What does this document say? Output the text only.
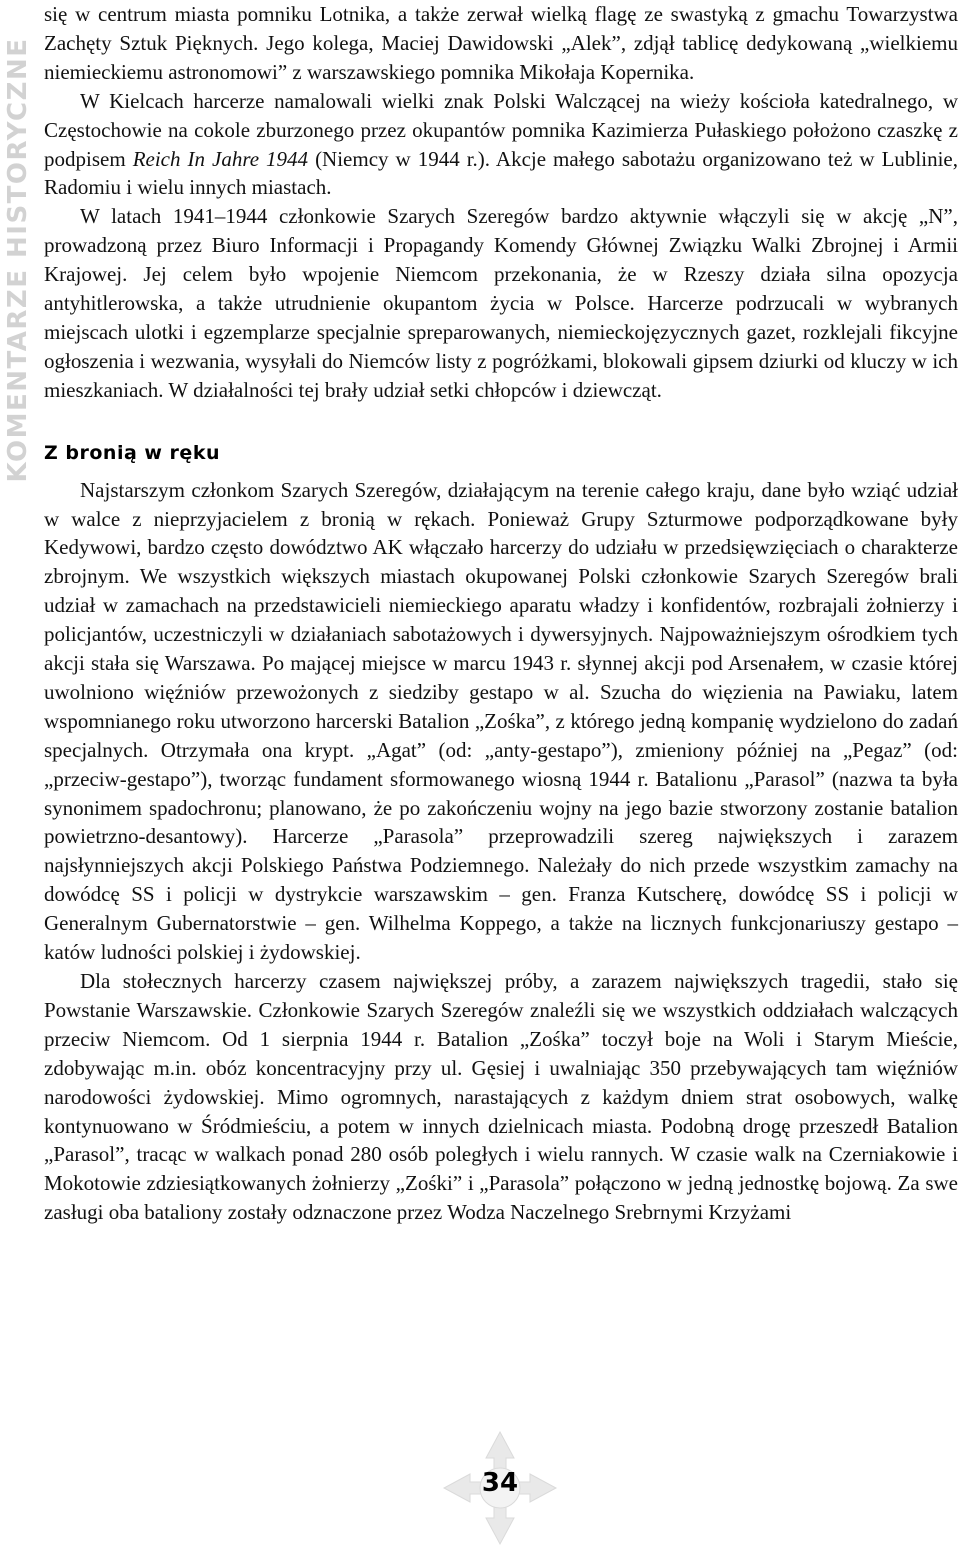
KOMENTARZE HISTORYCZNE

się w centrum miasta pomniku Lotnika, a także zerwał wielką flagę ze swastyką z gmachu Towarzystwa Zachęty Sztuk Pięknych. Jego kolega, Maciej Dawidowski „Alek”, zdjął tablicę dedykowaną „wielkiemu niemieckiemu astronomowi” z warszawskiego pomnika Mikołaja Kopernika.

W Kielcach harcerze namalowali wielki znak Polski Walczącej na wieży kościoła katedralnego, w Częstochowie na cokole zburzonego przez okupantów pomnika Kazimierza Pułaskiego położono czaszkę z podpisem Reich In Jahre 1944 (Niemcy w 1944 r.). Akcje małego sabotażu organizowano też w Lublinie, Radomiu i wielu innych miastach.

W latach 1941–1944 członkowie Szarych Szeregów bardzo aktywnie włączyli się w akcję „N”, prowadzoną przez Biuro Informacji i Propagandy Komendy Głównej Związku Walki Zbrojnej i Armii Krajowej. Jej celem było wpojenie Niemcom przekonania, że w Rzeszy działa silna opozycja antyhitlerowska, a także utrudnienie okupantom życia w Polsce. Harcerze podrzucali w wybranych miejscach ulotki i egzemplarze specjalnie spreparowanych, niemieckojęzycznych gazet, rozklejali fikcyjne ogłoszenia i wezwania, wysyłali do Niemców listy z pogróżkami, blokowali gipsem dziurki od kluczy w ich mieszkaniach. W działalności tej brały udział setki chłopców i dziewcząt.

Z bronią w ręku

Najstarszym członkom Szarych Szeregów, działającym na terenie całego kraju, dane było wziąć udział w walce z nieprzyjacielem z bronią w rękach. Ponieważ Grupy Szturmowe podporządkowane były Kedywowi, bardzo często dowództwo AK włączało harcerzy do udziału w przedsięwzięciach o charakterze zbrojnym. We wszystkich większych miastach okupowanej Polski członkowie Szarych Szeregów brali udział w zamachach na przedstawicieli niemieckiego aparatu władzy i konfidentów, rozbrajali żołnierzy i policjantów, uczestniczyli w działaniach sabotażowych i dywersyjnych. Najpoważniejszym ośrodkiem tych akcji stała się Warszawa. Po mającej miejsce w marcu 1943 r. słynnej akcji pod Arsenałem, w czasie której uwolniono więźniów przewożonych z siedziby gestapo w al. Szucha do więzienia na Pawiaku, latem wspomnianego roku utworzono harcerski Batalion „Zośka”, z którego jedną kompanię wydzielono do zadań specjalnych. Otrzymała ona krypt. „Agat” (od: „anty-gestapo”), zmieniony później na „Pegaz” (od: „przeciw-gestapo”), tworząc fundament sformowanego wiosną 1944 r. Batalionu „Parasol” (nazwa ta była synonimem spadochronu; planowano, że po zakończeniu wojny na jego bazie stworzony zostanie batalion powietrzno-desantowy). Harcerze „Parasola” przeprowadzili szereg największych i zarazem najsłynniejszych akcji Polskiego Państwa Podziemnego. Należały do nich przede wszystkim zamachy na dowódcę SS i policji w dystrykcie warszawskim – gen. Franza Kutscherę, dowódcę SS i policji w Generalnym Gubernatorstwie – gen. Wilhelma Koppego, a także na licznych funkcjonariuszy gestapo – katów ludności polskiej i żydowskiej.

Dla stołecznych harcerzy czasem największej próby, a zarazem największych tragedii, stało się Powstanie Warszawskie. Członkowie Szarych Szeregów znaleźli się we wszystkich oddziałach walczących przeciw Niemcom. Od 1 sierpnia 1944 r. Batalion „Zośka” toczył boje na Woli i Starym Mieście, zdobywając m.in. obóz koncentracyjny przy ul. Gęsiej i uwalniając 350 przebywających tam więźniów narodowości żydowskiej. Mimo ogromnych, narastających z każdym dniem strat osobowych, walkę kontynuowano w Śródmieściu, a potem w innych dzielnicach miasta. Podobną drogę przeszedł Batalion „Parasol”, tracąc w walkach ponad 280 osób poległych i wielu rannych. W czasie walk na Czerniakowie i Mokotowie zdziesiątkowanych żołnierzy „Zośki” i „Parasola” połączono w jedną jednostkę bojową. Za swe zasługi oba bataliony zostały odznaczone przez Wodza Naczelnego Srebrnymi Krzyżami

34
